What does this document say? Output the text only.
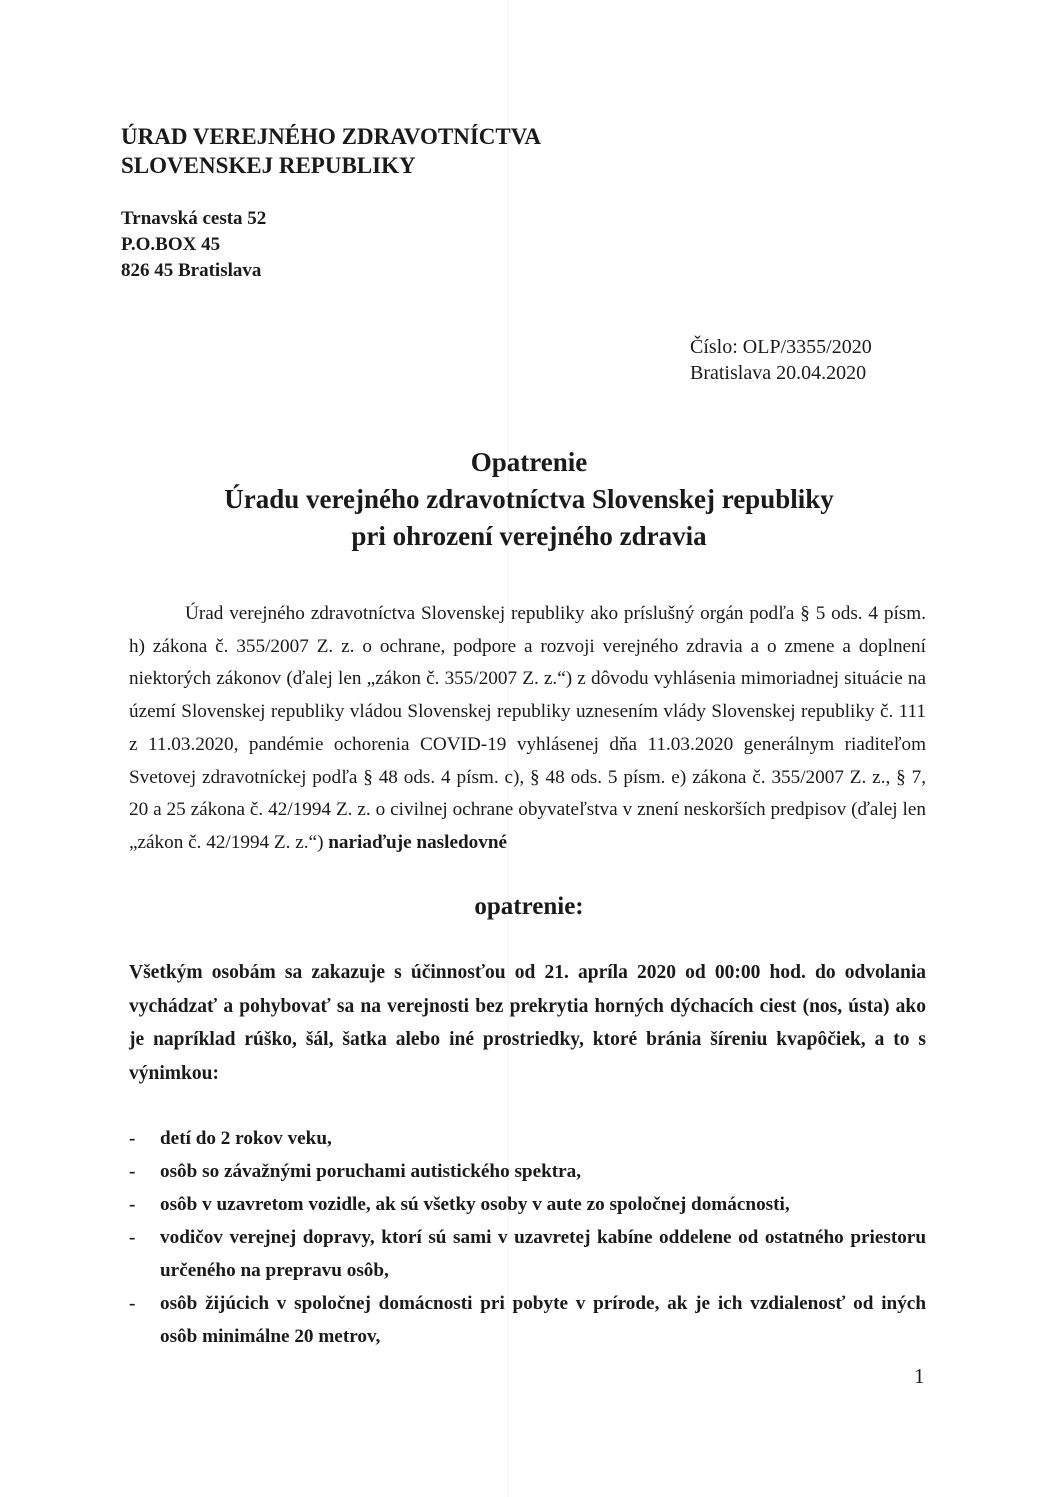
ÚRAD VEREJNÉHO ZDRAVOTNÍCTVA
SLOVENSKEJ REPUBLIKY
Trnavská cesta 52
P.O.BOX 45
826 45 Bratislava
Číslo: OLP/3355/2020
Bratislava 20.04.2020
Opatrenie
Úradu verejného zdravotníctva Slovenskej republiky
pri ohrození verejného zdravia
Úrad verejného zdravotníctva Slovenskej republiky ako príslušný orgán podľa § 5 ods. 4 písm. h) zákona č. 355/2007 Z. z. o ochrane, podpore a rozvoji verejného zdravia a o zmene a doplnení niektorých zákonov (ďalej len „zákon č. 355/2007 Z. z.“) z dôvodu vyhlásenia mimoriadnej situácie na území Slovenskej republiky vládou Slovenskej republiky uznesením vlády Slovenskej republiky č. 111 z 11.03.2020, pandémie ochorenia COVID-19 vyhlásenej dňa 11.03.2020 generálnym riaditeľom Svetovej zdravotníckej podľa § 48 ods. 4 písm. c), § 48 ods. 5 písm. e) zákona č. 355/2007 Z. z., § 7, 20 a 25 zákona č. 42/1994 Z. z. o civilnej ochrane obyvateľstva v znení neskorších predpisov (ďalej len „zákon č. 42/1994 Z. z.“) nariaďuje nasledovné
opatrenie:
Všetkým osobám sa zakazuje s účinnosťou od 21. apríla 2020 od 00:00 hod. do odvolania vychádzať a pohybovať sa na verejnosti bez prekrytia horných dýchacích ciest (nos, ústa) ako je napríklad rúško, šál, šatka alebo iné prostriedky, ktoré bránia šíreniu kvapôčiek, a to s výnimkou:
- detí do 2 rokov veku,
- osôb so závažnými poruchami autistického spektra,
- osôb v uzavretom vozidle, ak sú všetky osoby v aute zo spoločnej domácnosti,
- vodičov verejnej dopravy, ktorí sú sami v uzavretej kabíne oddelene od ostatného priestoru určeného na prepravu osôb,
- osôb žijúcich v spoločnej domácnosti pri pobyte v prírode, ak je ich vzdialenosť od iných osôb minimálne 20 metrov,
1
